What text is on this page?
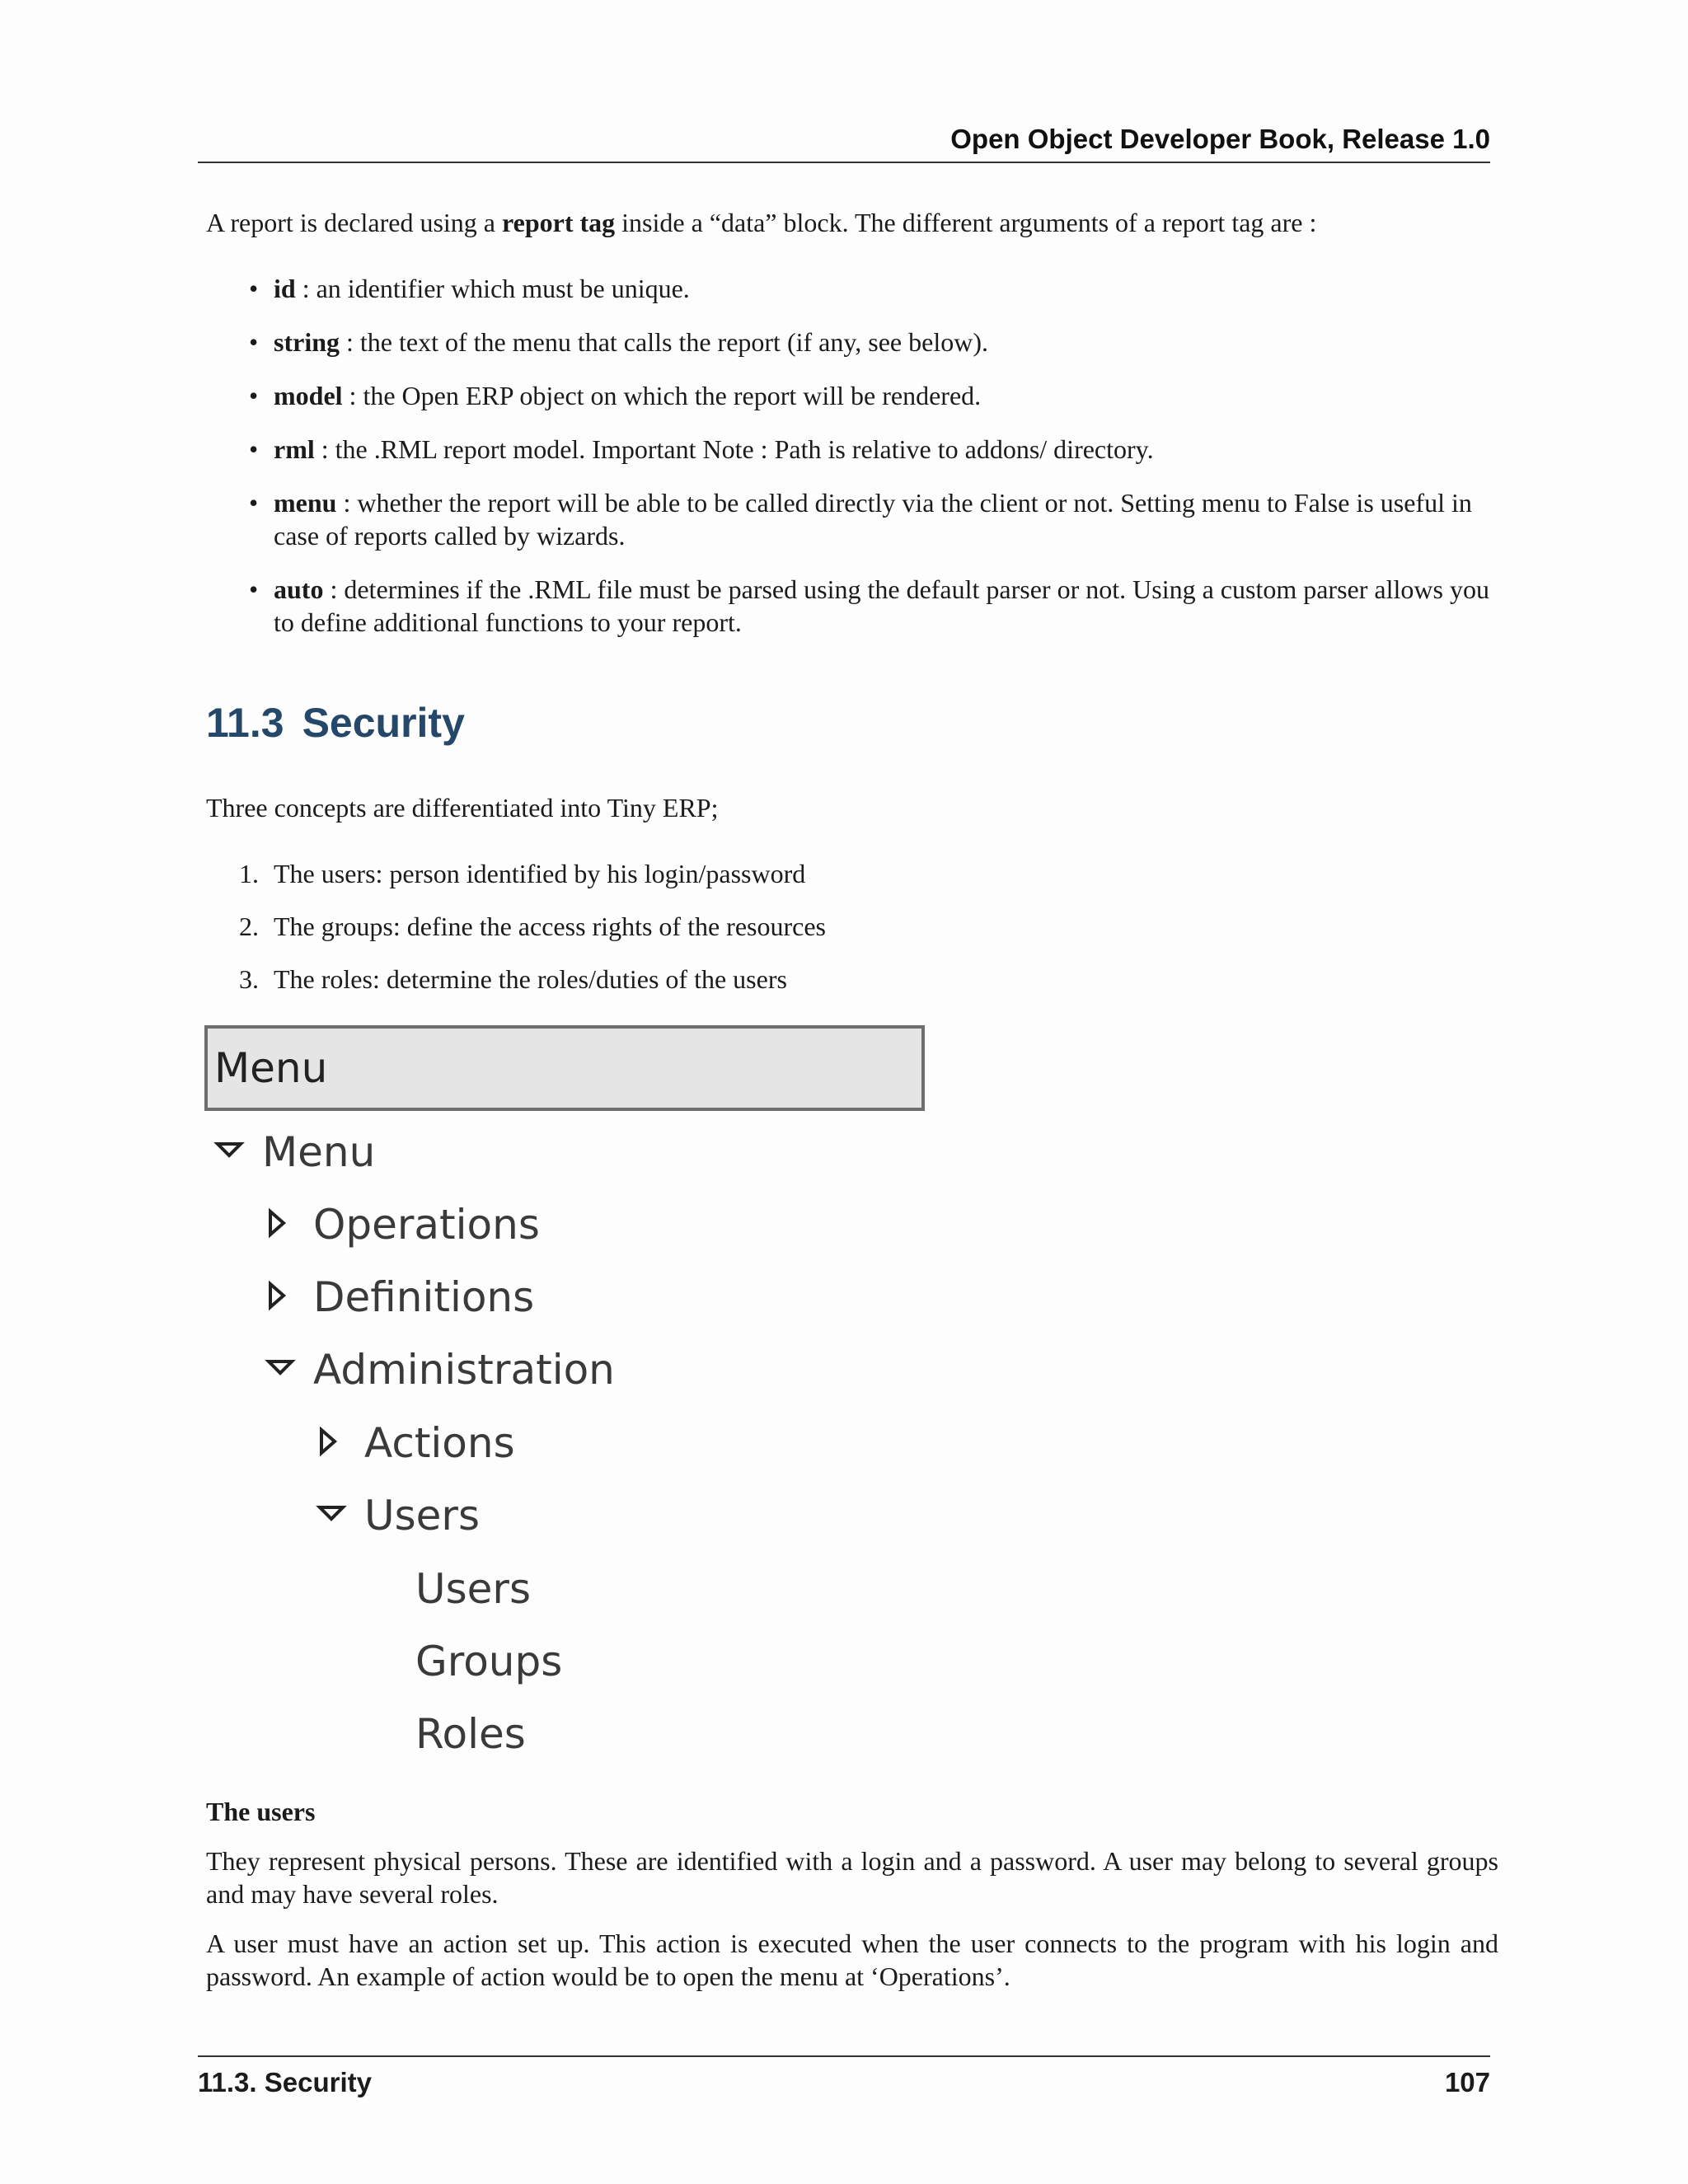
Open Object Developer Book, Release 1.0
A report is declared using a report tag inside a “data” block. The different arguments of a report tag are :
• id : an identifier which must be unique.
• string : the text of the menu that calls the report (if any, see below).
• model : the Open ERP object on which the report will be rendered.
• rml : the .RML report model. Important Note : Path is relative to addons/ directory.
• menu : whether the report will be able to be called directly via the client or not. Setting menu to False is useful in case of reports called by wizards.
• auto : determines if the .RML file must be parsed using the default parser or not. Using a custom parser allows you to define additional functions to your report.
11.3 Security
Three concepts are differentiated into Tiny ERP;
1. The users: person identified by his login/password
2. The groups: define the access rights of the resources
3. The roles: determine the roles/duties of the users
Menu
Menu
Operations
Definitions
Administration
Actions
Users
Users
Groups
Roles
The users
They represent physical persons. These are identified with a login and a password. A user may belong to several groups and may have several roles.
A user must have an action set up. This action is executed when the user connects to the program with his login and password. An example of action would be to open the menu at ‘Operations’.
11.3. Security	107
